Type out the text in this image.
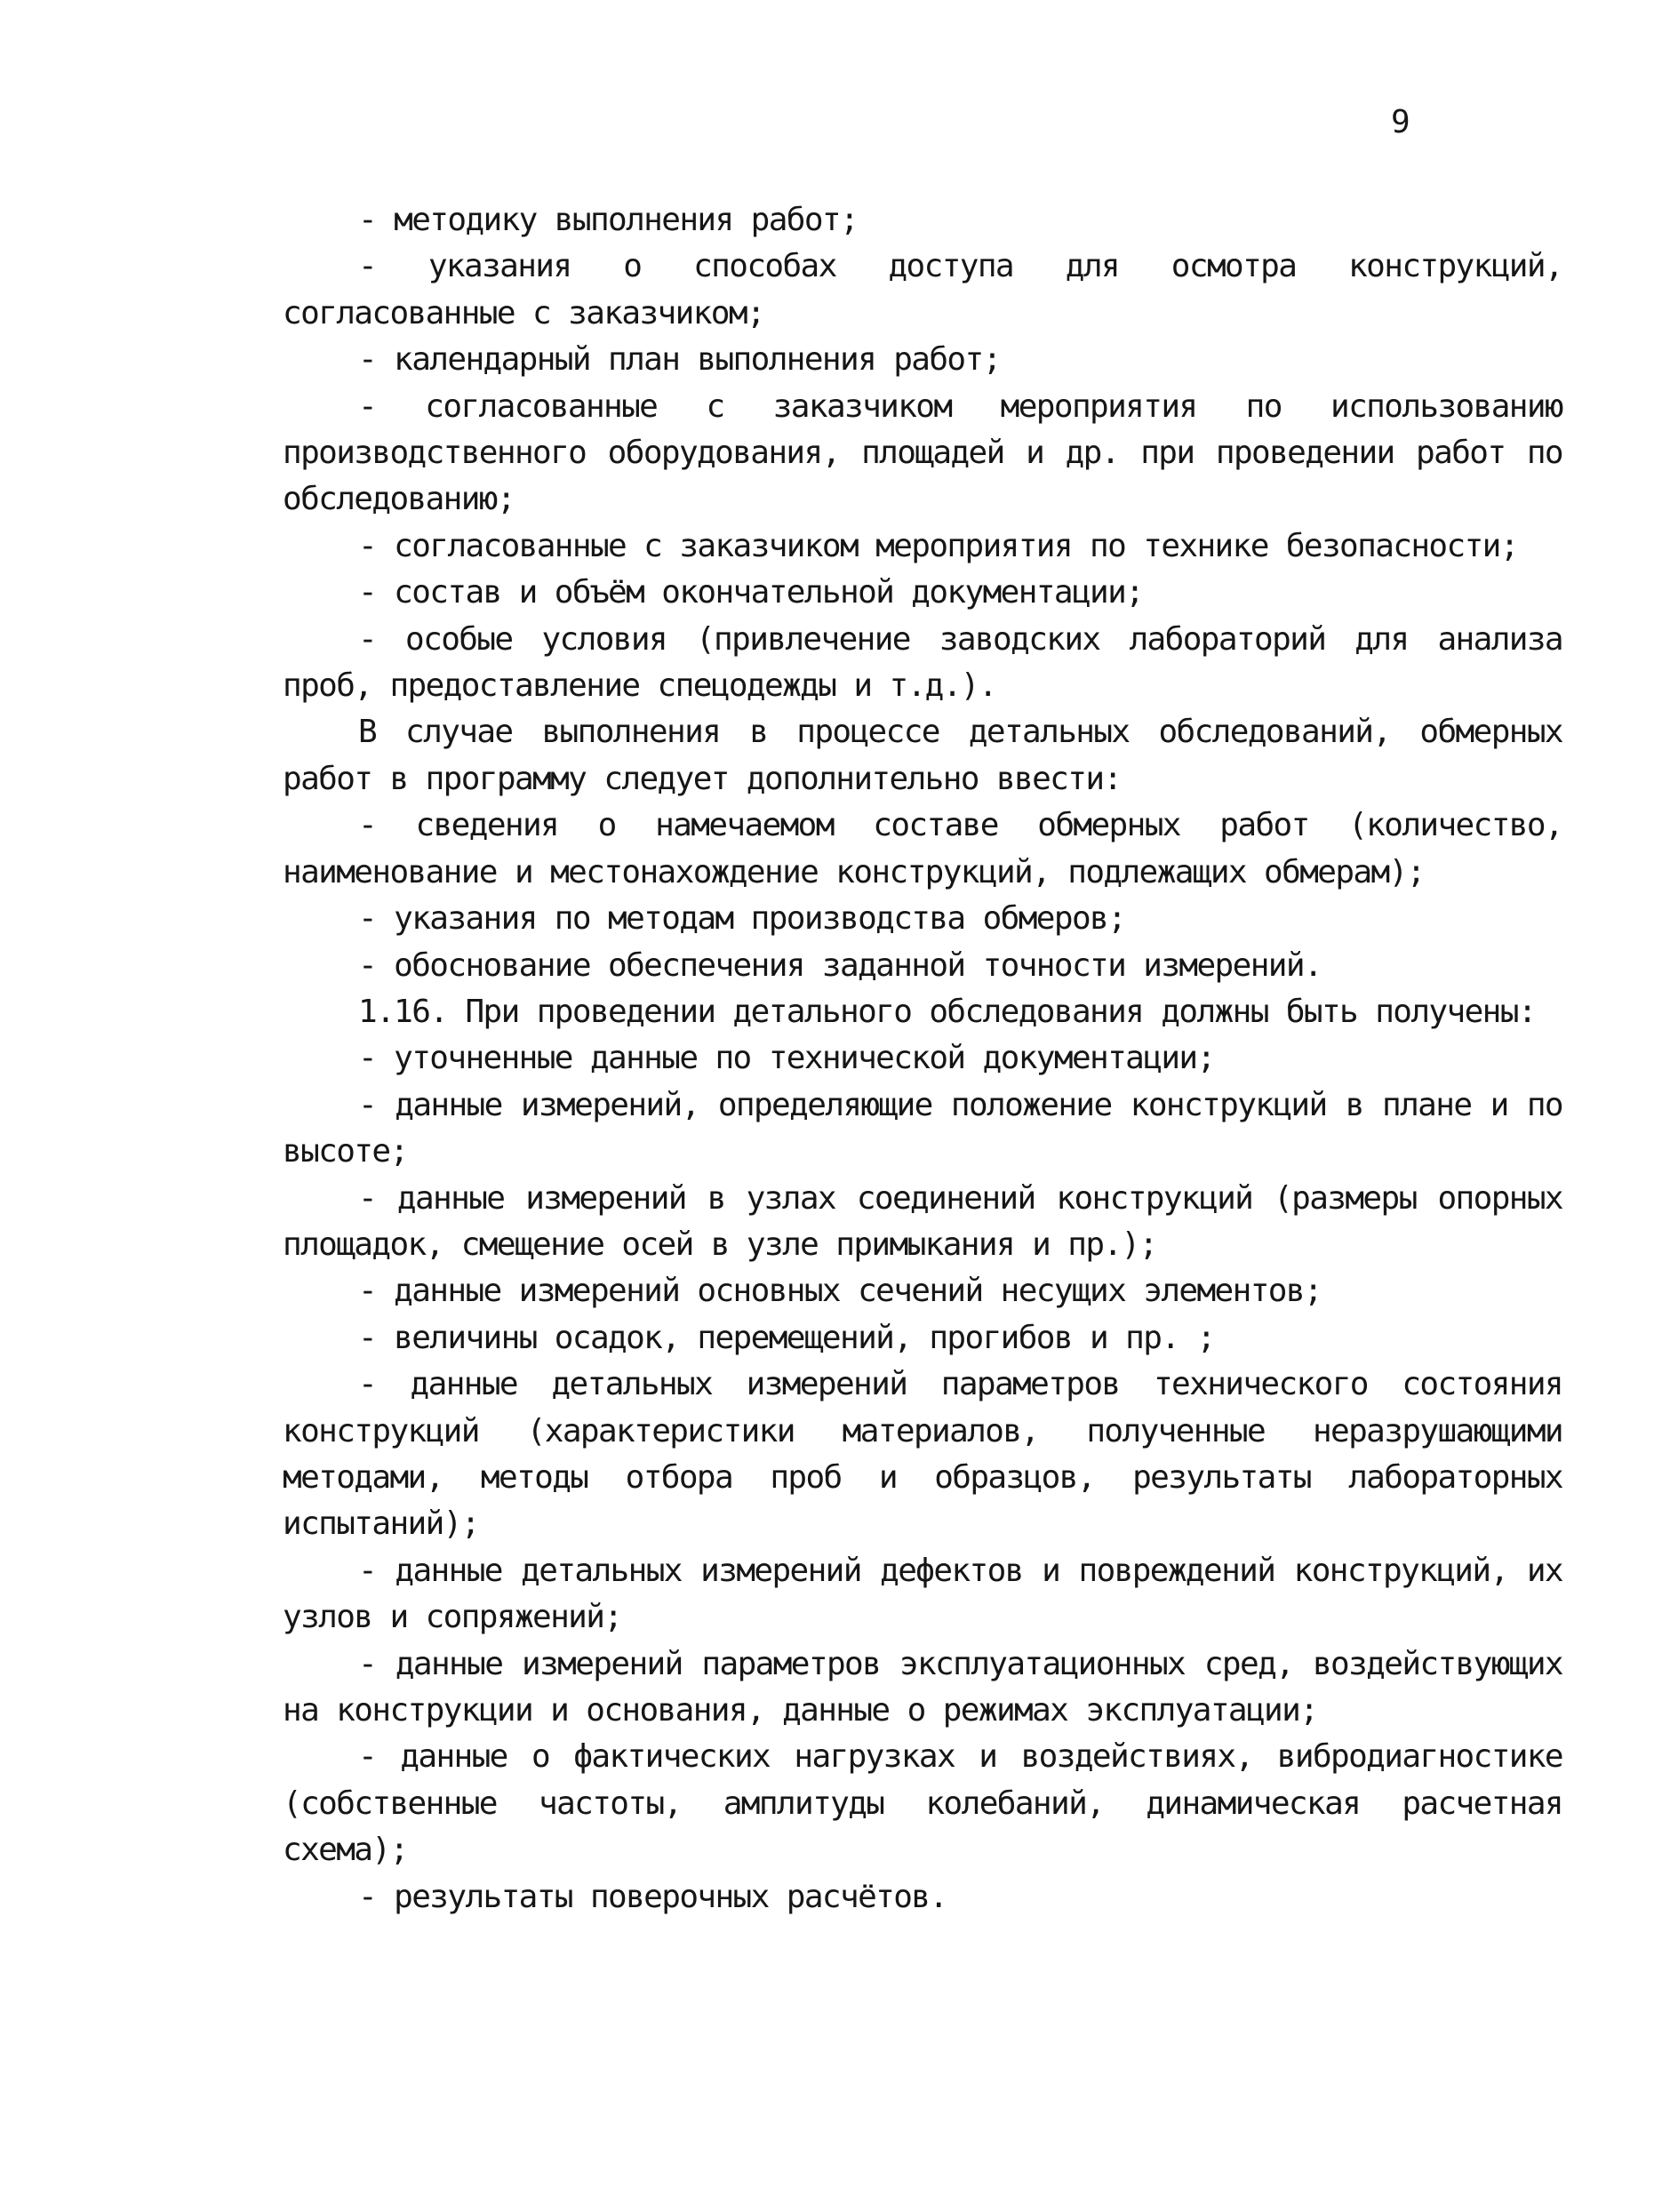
9

- методику выполнения работ;

- указания о способах доступа для осмотра конструкций, согласованные с заказчиком;

- календарный план выполнения работ;

- согласованные с заказчиком мероприятия по использованию производственного оборудования, площадей и др. при проведении работ по обследованию;

- согласованные с заказчиком мероприятия по технике безопасности;

- состав и объём окончательной документации;

- особые условия (привлечение заводских лабораторий для анализа проб, предоставление спецодежды и т.д.).

В случае выполнения в процессе детальных обследований, обмерных работ в программу следует дополнительно ввести:

- сведения о намечаемом составе обмерных работ (количество, наименование и местонахождение конструкций, подлежащих обмерам);

- указания по методам производства обмеров;

- обоснование обеспечения заданной точности измерений.

1.16. При проведении детального обследования должны быть получены:

- уточненные данные по технической документации;

- данные измерений, определяющие положение конструкций в плане и по высоте;

- данные измерений в узлах соединений конструкций (размеры опорных площадок, смещение осей в узле примыкания и пр.);

- данные измерений основных сечений несущих элементов;

- величины осадок, перемещений, прогибов и пр. ;

- данные детальных измерений параметров технического состояния конструкций (характеристики материалов, полученные неразрушающими методами, методы отбора проб и образцов, результаты лабораторных испытаний);

- данные детальных измерений дефектов и повреждений конструкций, их узлов и сопряжений;

- данные измерений параметров эксплуатационных сред, воздействующих на конструкции и основания, данные о режимах эксплуатации;

- данные о фактических нагрузках и воздействиях, вибродиагностике (собственные частоты, амплитуды колебаний, динамическая расчетная схема);

- результаты поверочных расчётов.
